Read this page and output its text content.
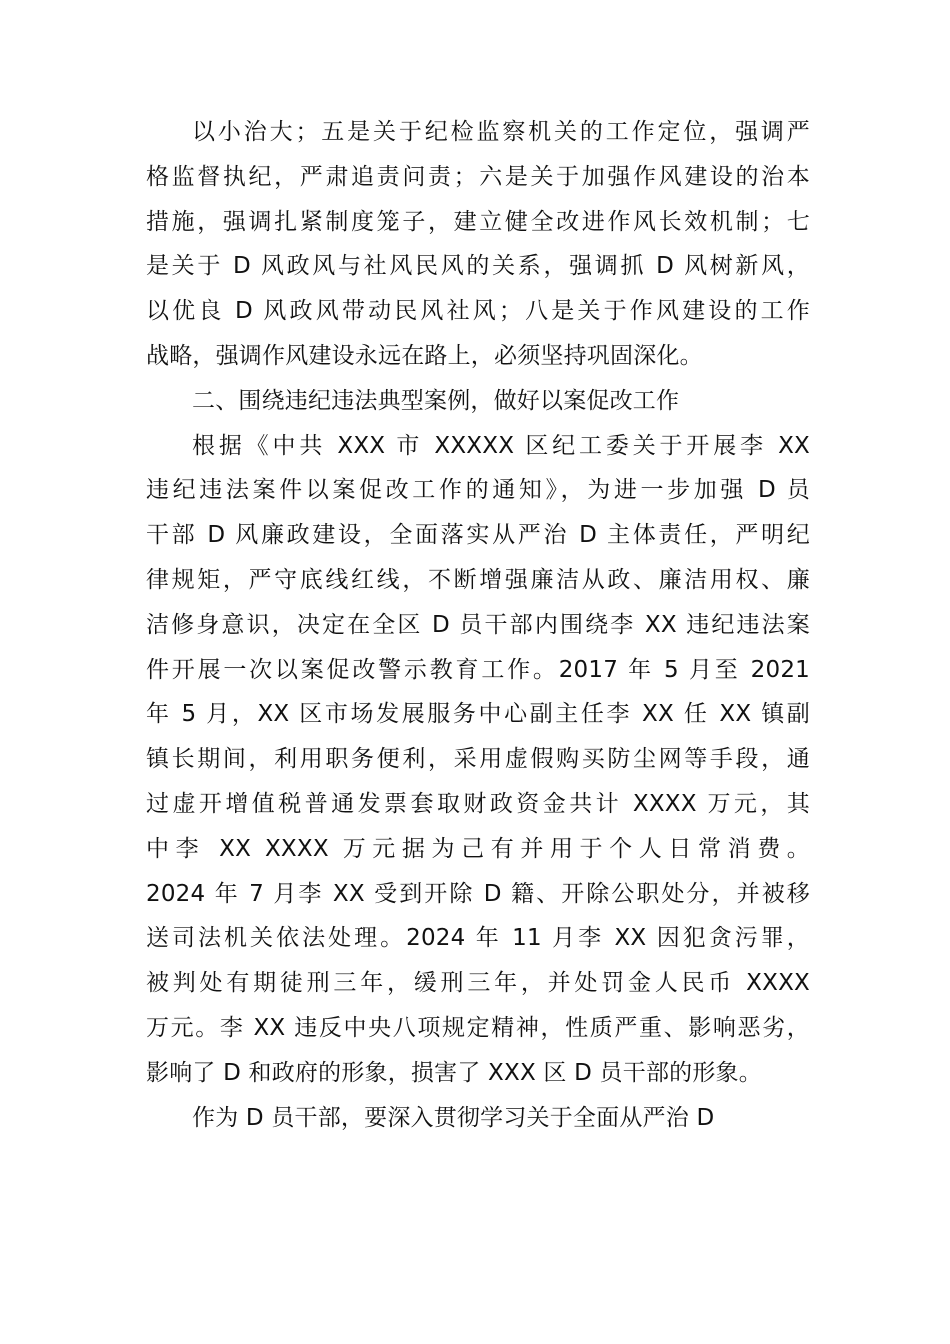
以小治大；五是关于纪检监察机关的工作定位，强调严
格监督执纪，严肃追责问责；六是关于加强作风建设的治本
措施，强调扎紧制度笼子，建立健全改进作风长效机制；七
是关于 D 风政风与社风民风的关系，强调抓 D 风树新风，
以优良 D 风政风带动民风社风；八是关于作风建设的工作
战略，强调作风建设永远在路上，必须坚持巩固深化。
二、围绕违纪违法典型案例，做好以案促改工作
根据《中共 XXX 市 XXXXX 区纪工委关于开展李 XX
违纪违法案件以案促改工作的通知》，为进一步加强 D 员
干部 D 风廉政建设，全面落实从严治 D 主体责任，严明纪
律规矩，严守底线红线，不断增强廉洁从政、廉洁用权、廉
洁修身意识，决定在全区 D 员干部内围绕李 XX 违纪违法案
件开展一次以案促改警示教育工作。2017 年 5 月至 2021
年 5 月，XX 区市场发展服务中心副主任李 XX 任 XX 镇副
镇长期间，利用职务便利，采用虚假购买防尘网等手段，通
过虚开增值税普通发票套取财政资金共计 XXXX 万元，其
中李 XX XXXX 万元据为己有并用于个人日常消费。
2024 年 7 月李 XX 受到开除 D 籍、开除公职处分，并被移
送司法机关依法处理。2024 年 11 月李 XX 因犯贪污罪，
被判处有期徒刑三年，缓刑三年，并处罚金人民币 XXXX
万元。李 XX 违反中央八项规定精神，性质严重、影响恶劣，
影响了 D 和政府的形象，损害了 XXX 区 D 员干部的形象。
作为 D 员干部，要深入贯彻学习关于全面从严治 D
